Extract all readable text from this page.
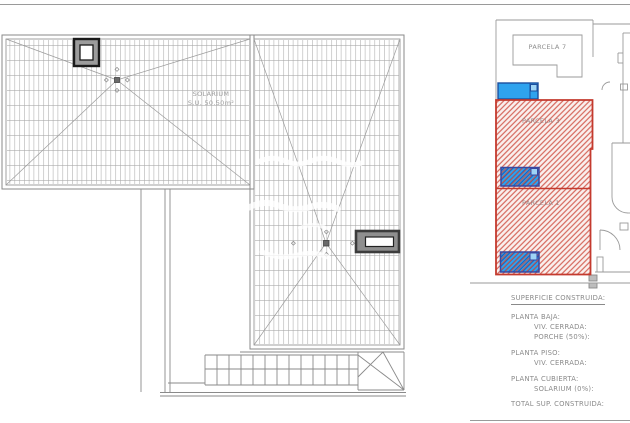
SOLARIUM
S.U. 50.50m²
PARCELA 7
PARCELA 3
PARCELA 1
SUPERFICIE CONSTRUIDA:
PLANTA BAJA:
VIV. CERRADA:
PORCHE (50%):
PLANTA PISO:
VIV. CERRADA:
PLANTA CUBIERTA:
SOLARIUM (0%):
TOTAL SUP. CONSTRUIDA:
